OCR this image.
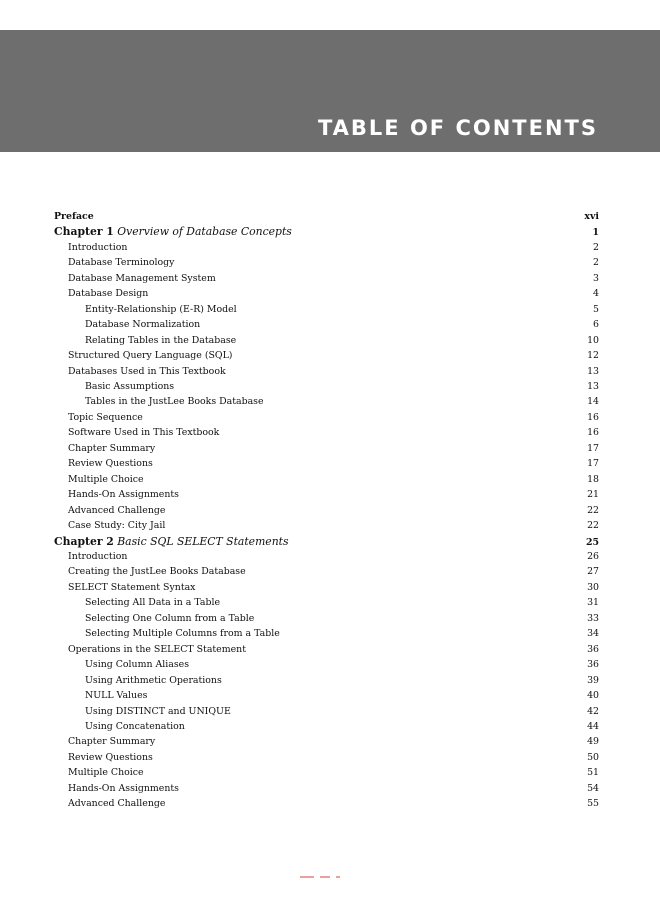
TABLE OF CONTENTS
Preface	xvi
Chapter 1 Overview of Database Concepts	1
Introduction	2
Database Terminology	2
Database Management System	3
Database Design	4
Entity-Relationship (E-R) Model	5
Database Normalization	6
Relating Tables in the Database	10
Structured Query Language (SQL)	12
Databases Used in This Textbook	13
Basic Assumptions	13
Tables in the JustLee Books Database	14
Topic Sequence	16
Software Used in This Textbook	16
Chapter Summary	17
Review Questions	17
Multiple Choice	18
Hands-On Assignments	21
Advanced Challenge	22
Case Study: City Jail	22
Chapter 2 Basic SQL SELECT Statements	25
Introduction	26
Creating the JustLee Books Database	27
SELECT Statement Syntax	30
Selecting All Data in a Table	31
Selecting One Column from a Table	33
Selecting Multiple Columns from a Table	34
Operations in the SELECT Statement	36
Using Column Aliases	36
Using Arithmetic Operations	39
NULL Values	40
Using DISTINCT and UNIQUE	42
Using Concatenation	44
Chapter Summary	49
Review Questions	50
Multiple Choice	51
Hands-On Assignments	54
Advanced Challenge	55
